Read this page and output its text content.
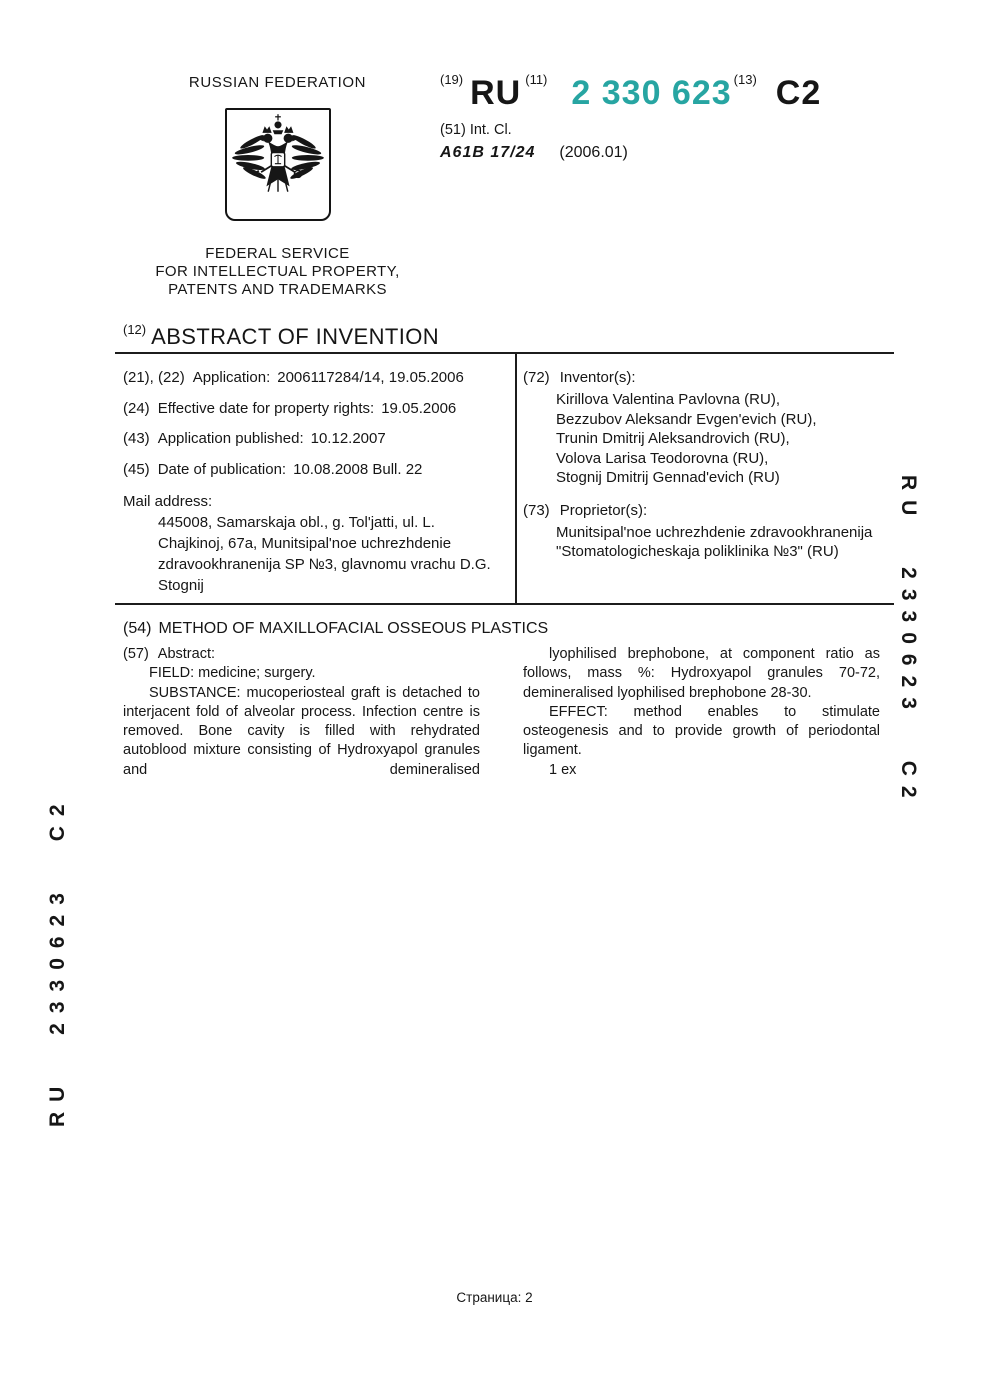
RUSSIAN FEDERATION
FEDERAL SERVICE
FOR INTELLECTUAL PROPERTY,
PATENTS AND TRADEMARKS
(19) RU (11) 2 330 623 (13) C2
(51) Int. Cl.
A61B 17/24 (2006.01)
$^{(12)}$ ABSTRACT OF INVENTION
(21), (22) Application: 2006117284/14, 19.05.2006
(24) Effective date for property rights: 19.05.2006
(43) Application published: 10.12.2007
(45) Date of publication: 10.08.2008 Bull. 22
Mail address:
445008, Samarskaja obl., g. Tol'jatti, ul. L. Chajkinoj, 67a, Munitsipal'noe uchrezhdenie zdravookhranenija SP №3, glavnomu vrachu D.G. Stognij
(72) Inventor(s):
Kirillova Valentina Pavlovna (RU),
Bezzubov Aleksandr Evgen'evich (RU),
Trunin Dmitrij Aleksandrovich (RU),
Volova Larisa Teodorovna (RU),
Stognij Dmitrij Gennad'evich (RU)
(73) Proprietor(s):
Munitsipal'noe uchrezhdenie zdravookhranenija "Stomatologicheskaja poliklinika №3" (RU)
(54) METHOD OF MAXILLOFACIAL OSSEOUS PLASTICS
(57) Abstract:

FIELD: medicine; surgery.

SUBSTANCE: mucoperiosteal graft is detached to interjacent fold of alveolar process. Infection centre is removed. Bone cavity is filled with rehydrated autoblood mixture consisting of Hydroxyapol granules and demineralised

lyophilised brephobone, at component ratio as follows, mass %: Hydroxyapol granules 70-72, demineralised lyophilised brephobone 28-30.

EFFECT: method enables to stimulate osteogenesis and to provide growth of periodontal ligament.

1 ex

RU 2330623 C2
RU 2330623 C2
Страница: 2
